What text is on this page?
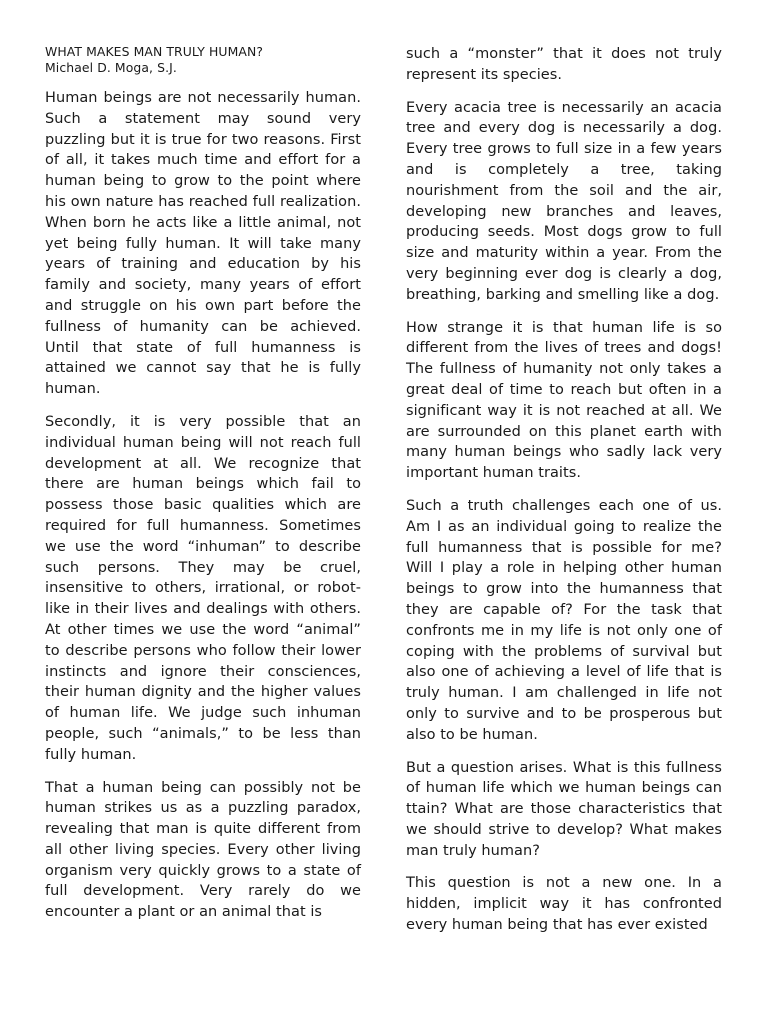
WHAT MAKES MAN TRULY HUMAN?

Michael D. Moga, S.J.

Human beings are not necessarily human. Such a statement may sound very puzzling but it is true for two reasons. First of all, it takes much time and effort for a human being to grow to the point where his own nature has reached full realization. When born he acts like a little animal, not yet being fully human. It will take many years of training and education by his family and society, many years of effort and struggle on his own part before the fullness of humanity can be achieved. Until that state of full humanness is attained we cannot say that he is fully human.

Secondly, it is very possible that an individual human being will not reach full development at all. We recognize that there are human beings which fail to possess those basic qualities which are required for full humanness. Sometimes we use the word “inhuman” to describe such persons. They may be cruel, insensitive to others, irrational, or robot-like in their lives and dealings with others. At other times we use the word “animal” to describe persons who follow their lower instincts and ignore their consciences, their human dignity and the higher values of human life. We judge such inhuman people, such “animals,” to be less than fully human.

That a human being can possibly not be human strikes us as a puzzling paradox, revealing that man is quite different from all other living species. Every other living organism very quickly grows to a state of full development. Very rarely do we encounter a plant or an animal that is

such a “monster” that it does not truly represent its species.

Every acacia tree is necessarily an acacia tree and every dog is necessarily a dog. Every tree grows to full size in a few years and is completely a tree, taking nourishment from the soil and the air, developing new branches and leaves, producing seeds. Most dogs grow to full size and maturity within a year. From the very beginning ever dog is clearly a dog, breathing, barking and smelling like a dog.

How strange it is that human life is so different from the lives of trees and dogs! The fullness of humanity not only takes a great deal of time to reach but often in a significant way it is not reached at all. We are surrounded on this planet earth with many human beings who sadly lack very important human traits.

Such a truth challenges each one of us. Am I as an individual going to realize the full humanness that is possible for me? Will I play a role in helping other human beings to grow into the humanness that they are capable of? For the task that confronts me in my life is not only one of coping with the problems of survival but also one of achieving a level of life that is truly human. I am challenged in life not only to survive and to be prosperous but also to be human.

But a question arises. What is this fullness of human life which we human beings can ttain? What are those characteristics that we should strive to develop? What makes man truly human?

This question is not a new one. In a hidden, implicit way it has confronted every human being that has ever existed
